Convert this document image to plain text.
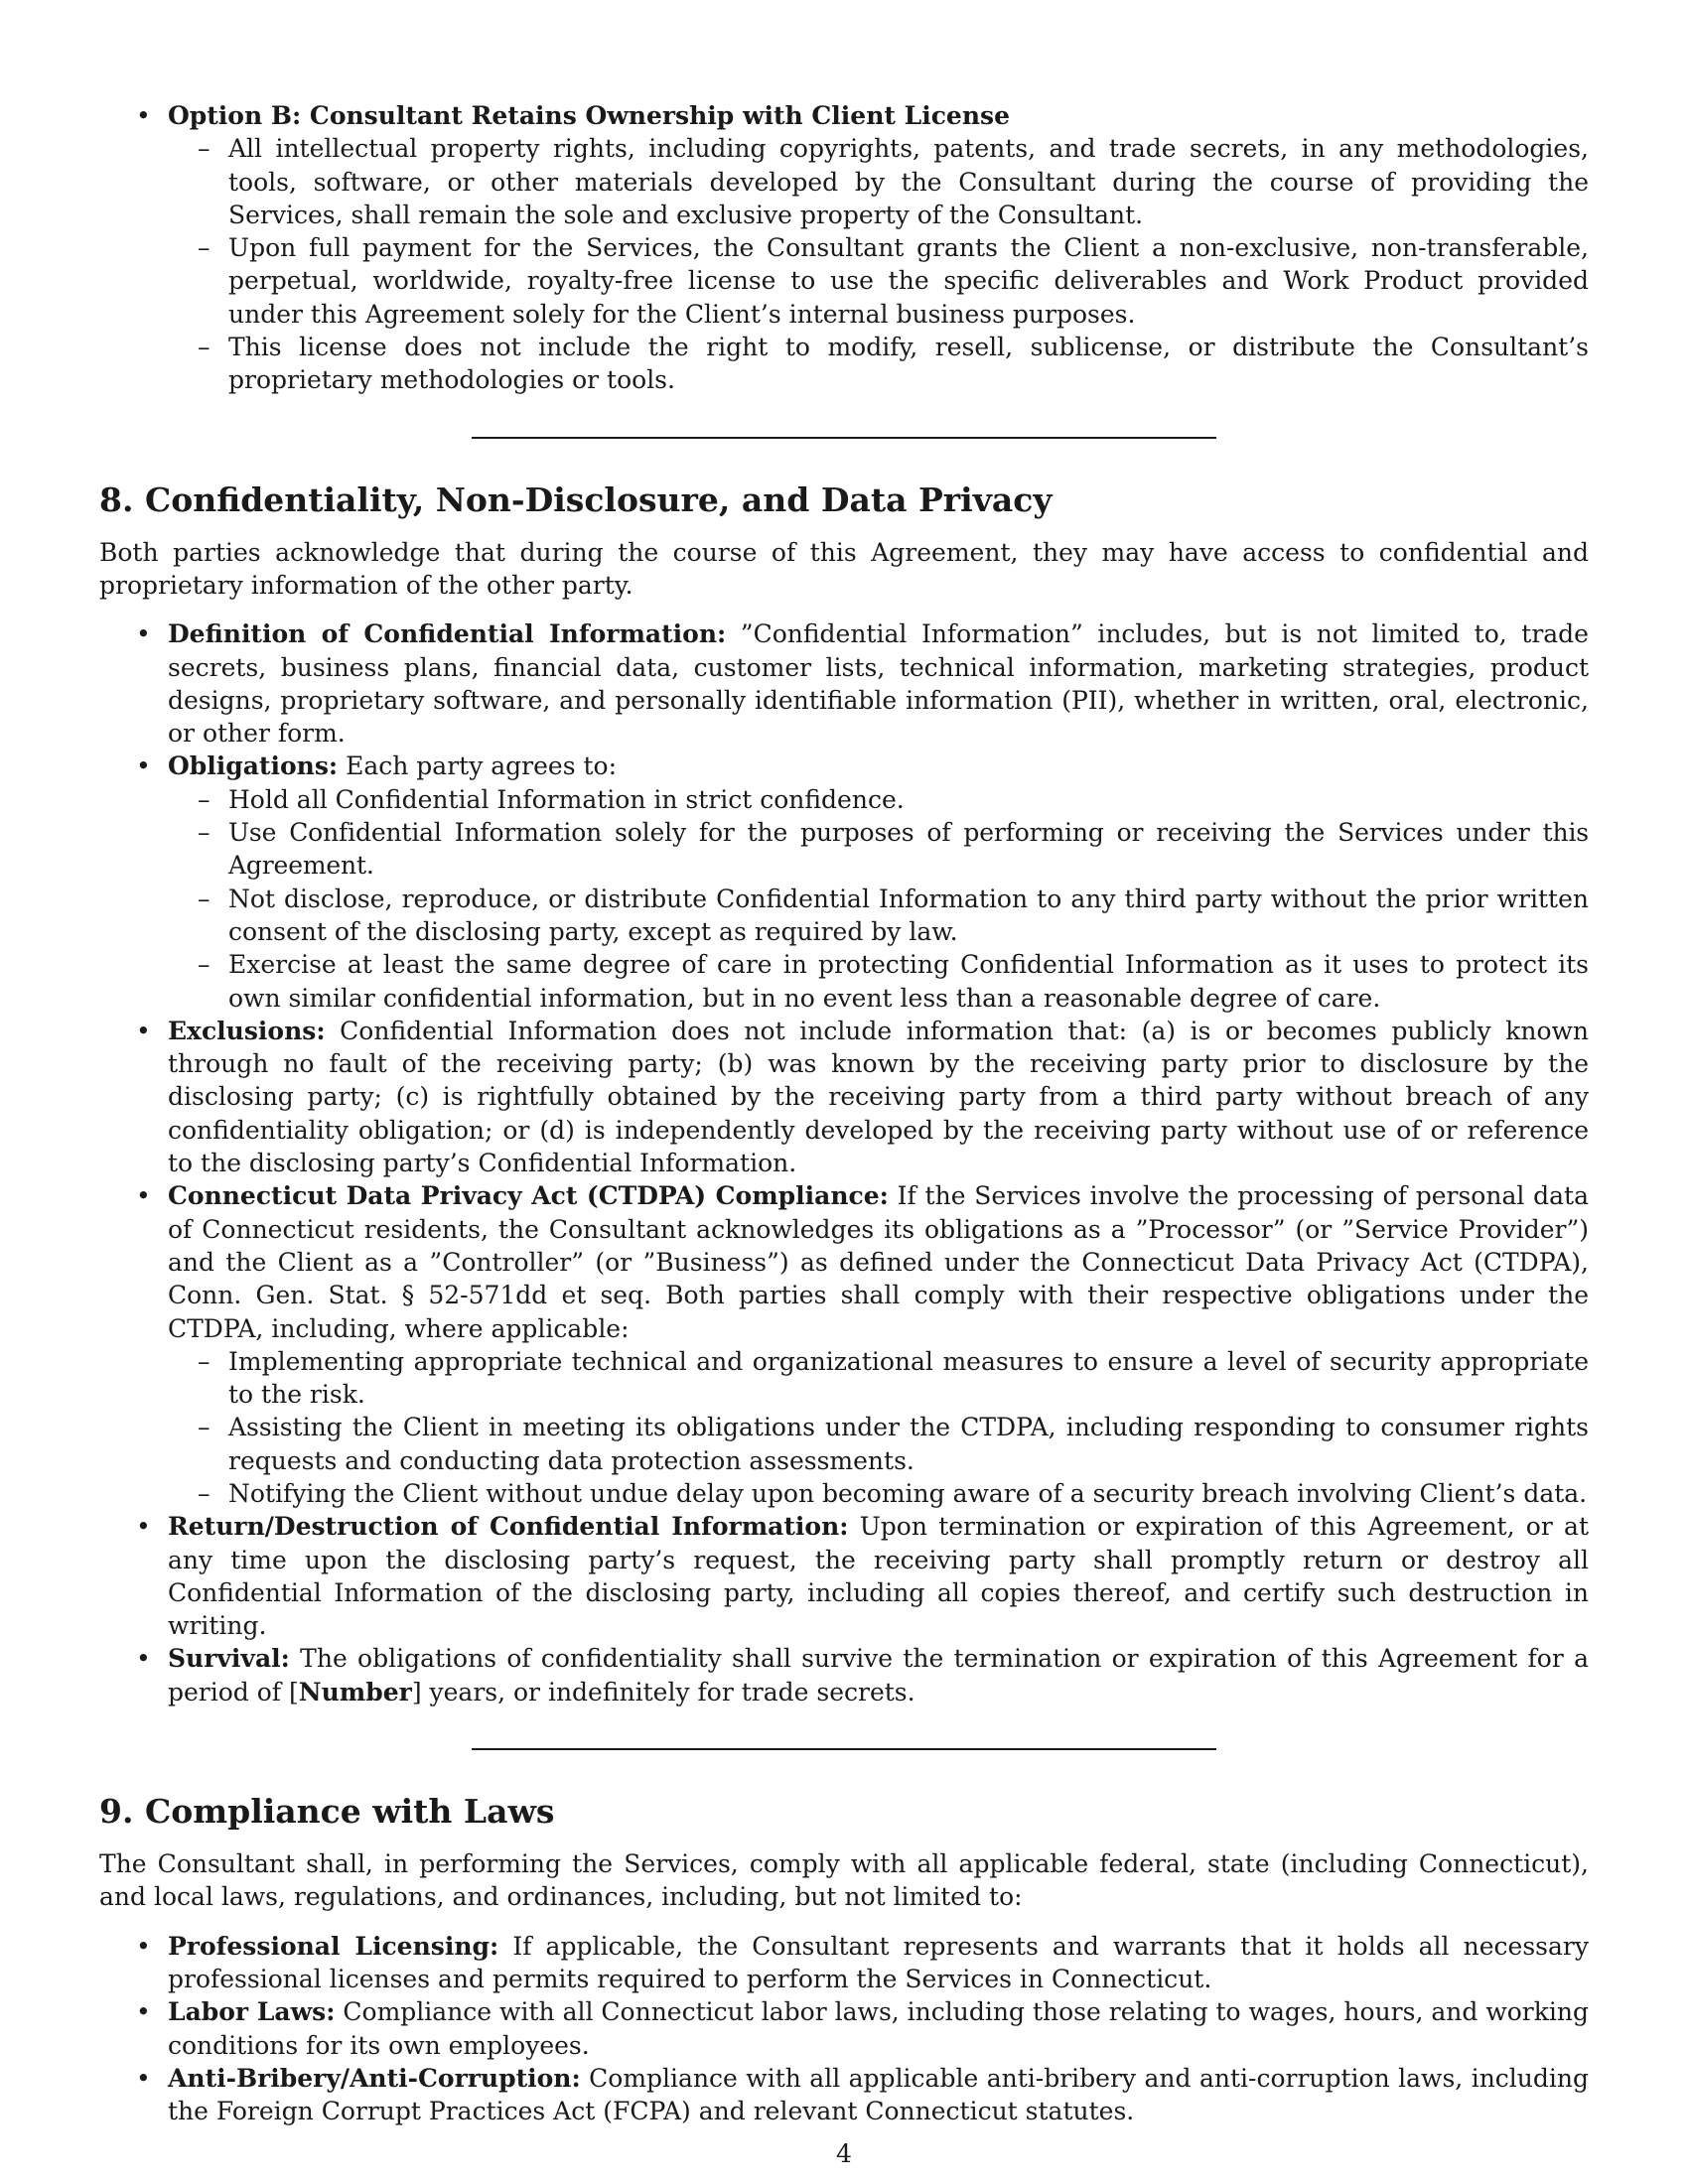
• Option B: Consultant Retains Ownership with Client License
– All intellectual property rights, including copyrights, patents, and trade secrets, in any methodologies, tools, software, or other materials developed by the Consultant during the course of providing the Services, shall remain the sole and exclusive property of the Consultant.
– Upon full payment for the Services, the Consultant grants the Client a non-exclusive, non-transferable, perpetual, worldwide, royalty-free license to use the specific deliverables and Work Product provided under this Agreement solely for the Client’s internal business purposes.
– This license does not include the right to modify, resell, sublicense, or distribute the Consultant’s proprietary methodologies or tools.
8. Confidentiality, Non-Disclosure, and Data Privacy

Both parties acknowledge that during the course of this Agreement, they may have access to confidential and proprietary information of the other party.

• Definition of Confidential Information: ”Confidential Information” includes, but is not limited to, trade secrets, business plans, financial data, customer lists, technical information, marketing strategies, product designs, proprietary software, and personally identifiable information (PII), whether in written, oral, electronic, or other form.
• Obligations: Each party agrees to:
– Hold all Confidential Information in strict confidence.
– Use Confidential Information solely for the purposes of performing or receiving the Services under this Agreement.
– Not disclose, reproduce, or distribute Confidential Information to any third party without the prior written consent of the disclosing party, except as required by law.
– Exercise at least the same degree of care in protecting Confidential Information as it uses to protect its own similar confidential information, but in no event less than a reasonable degree of care.
• Exclusions: Confidential Information does not include information that: (a) is or becomes publicly known through no fault of the receiving party; (b) was known by the receiving party prior to disclosure by the disclosing party; (c) is rightfully obtained by the receiving party from a third party without breach of any confidentiality obligation; or (d) is independently developed by the receiving party without use of or reference to the disclosing party’s Confidential Information.
• Connecticut Data Privacy Act (CTDPA) Compliance: If the Services involve the processing of personal data of Connecticut residents, the Consultant acknowledges its obligations as a ”Processor” (or ”Service Provider”) and the Client as a ”Controller” (or ”Business”) as defined under the Connecticut Data Privacy Act (CTDPA), Conn. Gen. Stat. § 52-571dd et seq. Both parties shall comply with their respective obligations under the CTDPA, including, where applicable:
– Implementing appropriate technical and organizational measures to ensure a level of security appropriate to the risk.
– Assisting the Client in meeting its obligations under the CTDPA, including responding to consumer rights requests and conducting data protection assessments.
– Notifying the Client without undue delay upon becoming aware of a security breach involving Client’s data.
• Return/Destruction of Confidential Information: Upon termination or expiration of this Agreement, or at any time upon the disclosing party’s request, the receiving party shall promptly return or destroy all Confidential Information of the disclosing party, including all copies thereof, and certify such destruction in writing.
• Survival: The obligations of confidentiality shall survive the termination or expiration of this Agreement for a period of [Number] years, or indefinitely for trade secrets.
9. Compliance with Laws

The Consultant shall, in performing the Services, comply with all applicable federal, state (including Connecticut), and local laws, regulations, and ordinances, including, but not limited to:

• Professional Licensing: If applicable, the Consultant represents and warrants that it holds all necessary professional licenses and permits required to perform the Services in Connecticut.
• Labor Laws: Compliance with all Connecticut labor laws, including those relating to wages, hours, and working conditions for its own employees.
• Anti-Bribery/Anti-Corruption: Compliance with all applicable anti-bribery and anti-corruption laws, including the Foreign Corrupt Practices Act (FCPA) and relevant Connecticut statutes.
4
